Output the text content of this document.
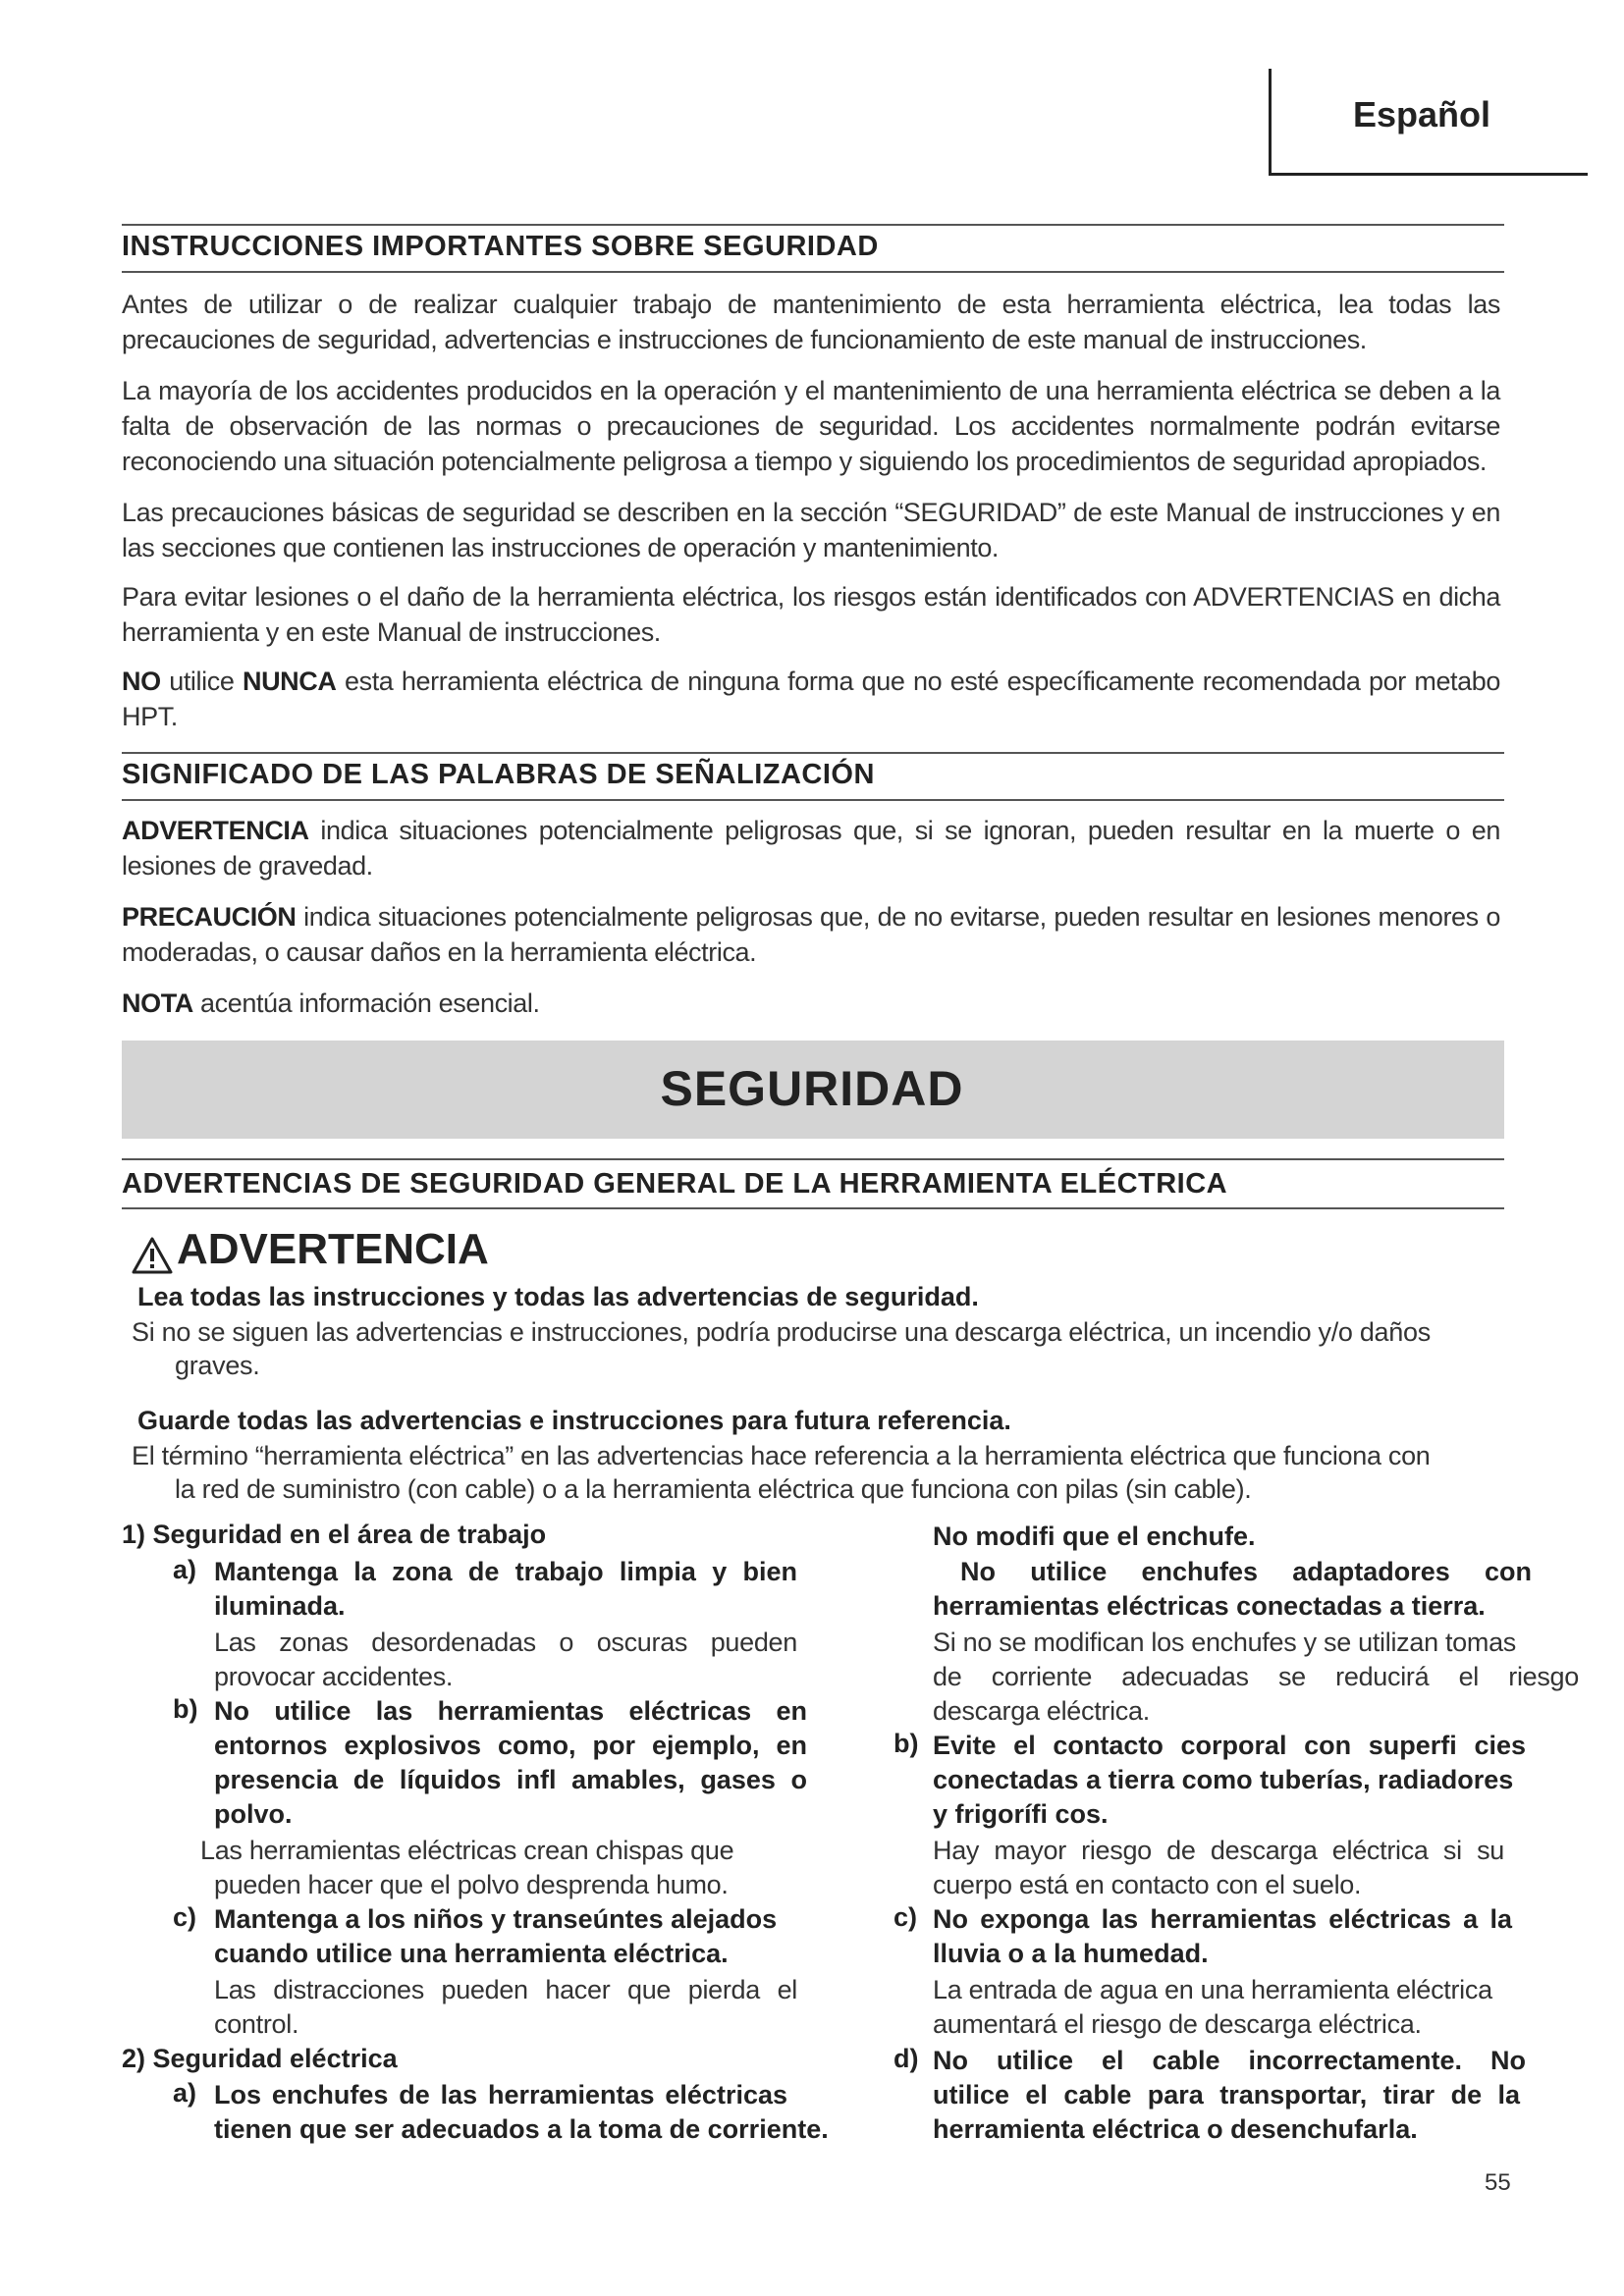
Español
INSTRUCCIONES IMPORTANTES SOBRE SEGURIDAD
Antes de utilizar o de realizar cualquier trabajo de mantenimiento de esta herramienta eléctrica, lea todas las precauciones de seguridad, advertencias e instrucciones de funcionamiento de este manual de instrucciones.
La mayoría de los accidentes producidos en la operación y el mantenimiento de una herramienta eléctrica se deben a la falta de observación de las normas o precauciones de seguridad. Los accidentes normalmente podrán evitarse reconociendo una situación potencialmente peligrosa a tiempo y siguiendo los procedimientos de seguridad apropiados.
Las precauciones básicas de seguridad se describen en la sección “SEGURIDAD” de este Manual de instrucciones y en las secciones que contienen las instrucciones de operación y mantenimiento.
Para evitar lesiones o el daño de la herramienta eléctrica, los riesgos están identificados con ADVERTENCIAS en dicha herramienta y en este Manual de instrucciones.
NO utilice NUNCA esta herramienta eléctrica de ninguna forma que no esté específicamente recomendada por metabo HPT.
SIGNIFICADO DE LAS PALABRAS DE SEÑALIZACIÓN
ADVERTENCIA indica situaciones potencialmente peligrosas que, si se ignoran, pueden resultar en la muerte o en lesiones de gravedad.
PRECAUCIÓN indica situaciones potencialmente peligrosas que, de no evitarse, pueden resultar en lesiones menores o moderadas, o causar daños en la herramienta eléctrica.
NOTA acentúa información esencial.
SEGURIDAD
ADVERTENCIAS DE SEGURIDAD GENERAL DE LA HERRAMIENTA ELÉCTRICA
ADVERTENCIA
Lea todas las instrucciones y todas las advertencias de seguridad.
Si no se siguen las advertencias e instrucciones, podría producirse una descarga eléctrica, un incendio y/o daños
graves.
Guarde todas las advertencias e instrucciones para futura referencia.
El término “herramienta eléctrica” en las advertencias hace referencia a la herramienta eléctrica que funciona con
la red de suministro (con cable) o a la herramienta eléctrica que funciona con pilas (sin cable).
1) Seguridad en el área de trabajo
a) Mantenga la zona de trabajo limpia y bien
iluminada.
Las zonas desordenadas o oscuras pueden
provocar accidentes.
b) No utilice las herramientas eléctricas en
entornos explosivos como, por ejemplo, en
presencia de líquidos infl amables, gases o
polvo.
Las herramientas eléctricas crean chispas que
pueden hacer que el polvo desprenda humo.
c) Mantenga a los niños y transeúntes alejados
cuando utilice una herramienta eléctrica.
Las distracciones pueden hacer que pierda el
control.
2) Seguridad eléctrica
a) Los enchufes de las herramientas eléctricas
tienen que ser adecuados a la toma de corriente.
No modifi que el enchufe.
No utilice enchufes adaptadores con
herramientas eléctricas conectadas a tierra.
Si no se modifican los enchufes y se utilizan tomas
de corriente adecuadas se reducirá el riesgo
descarga eléctrica.
b) Evite el contacto corporal con superfi cies
conectadas a tierra como tuberías, radiadores
y frigorífi cos.
Hay mayor riesgo de descarga eléctrica si su
cuerpo está en contacto con el suelo.
c) No exponga las herramientas eléctricas a la
lluvia o a la humedad.
La entrada de agua en una herramienta eléctrica
aumentará el riesgo de descarga eléctrica.
d) No utilice el cable incorrectamente. No
utilice el cable para transportar, tirar de la
herramienta eléctrica o desenchufarla.
55
